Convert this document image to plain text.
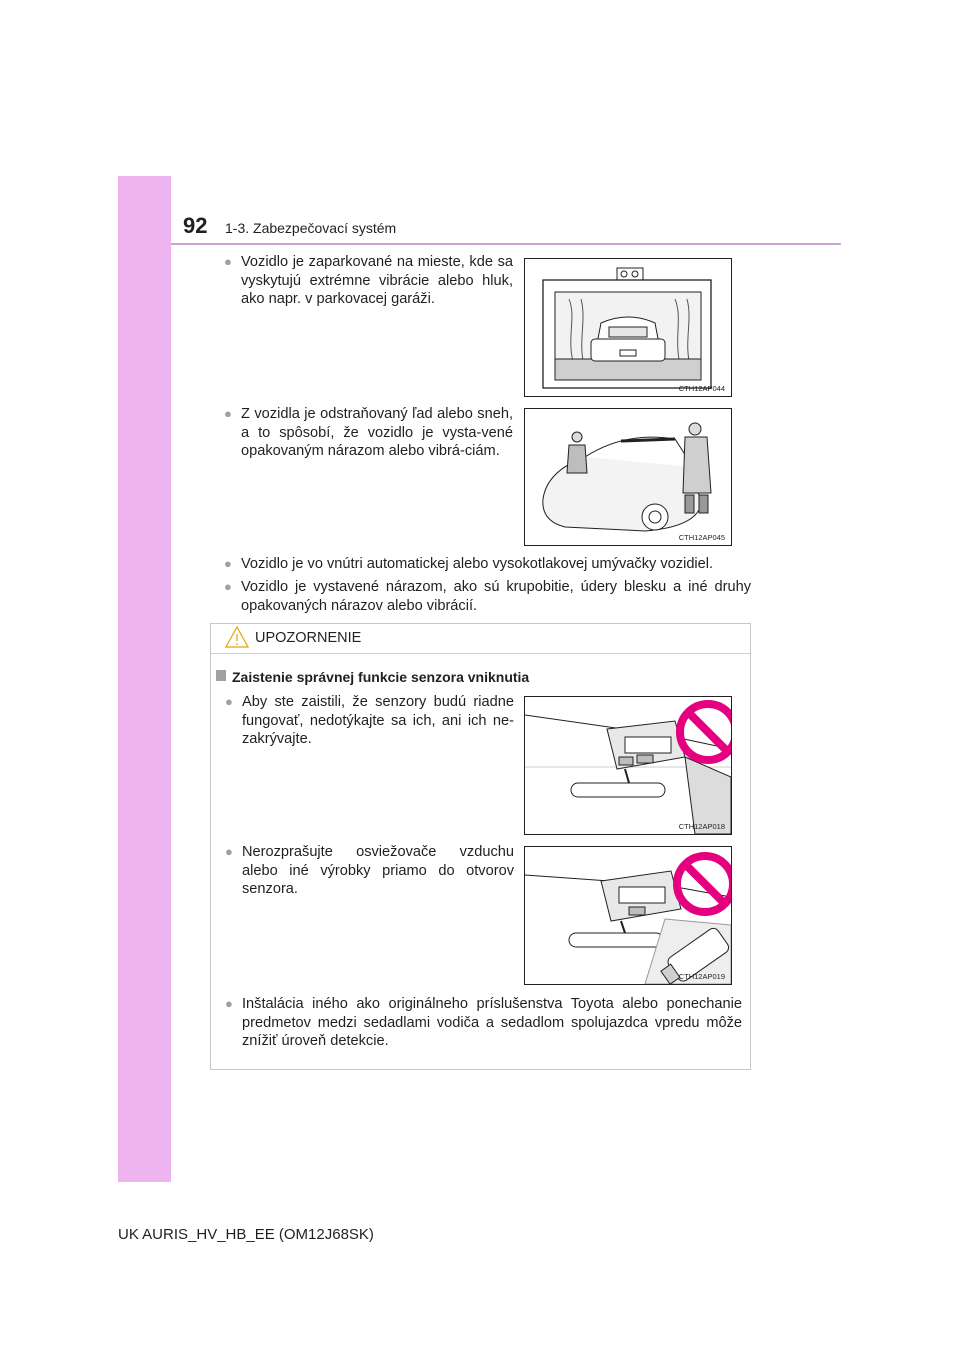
92 1-3. Zabezpečovací systém
● Vozidlo je zaparkované na mieste, kde sa vyskytujú extrémne vibrácie alebo hluk, ako napr. v parkovacej garáži.
CTH12AP044
● Z vozidla je odstraňovaný ľad alebo sneh, a to spôsobí, že vozidlo je vysta-vené opakovaným nárazom alebo vibrá-ciám.
CTH12AP045
● Vozidlo je vo vnútri automatickej alebo vysokotlakovej umývačky vozidiel.
● Vozidlo je vystavené nárazom, ako sú krupobitie, údery blesku a iné druhy opakovaných nárazov alebo vibrácií.
UPOZORNENIE
Zaistenie správnej funkcie senzora vniknutia
● Aby ste zaistili, že senzory budú riadne fungovať, nedotýkajte sa ich, ani ich ne-zakrývajte.
CTH12AP018
● Nerozprašujte osviežovače vzduchu alebo iné výrobky priamo do otvorov senzora.
CTH12AP019
● Inštalácia iného ako originálneho príslušenstva Toyota alebo ponechanie predmetov medzi sedadlami vodiča a sedadlom spolujazdca vpredu môže znížiť úroveň detekcie.
UK AURIS_HV_HB_EE (OM12J68SK)
